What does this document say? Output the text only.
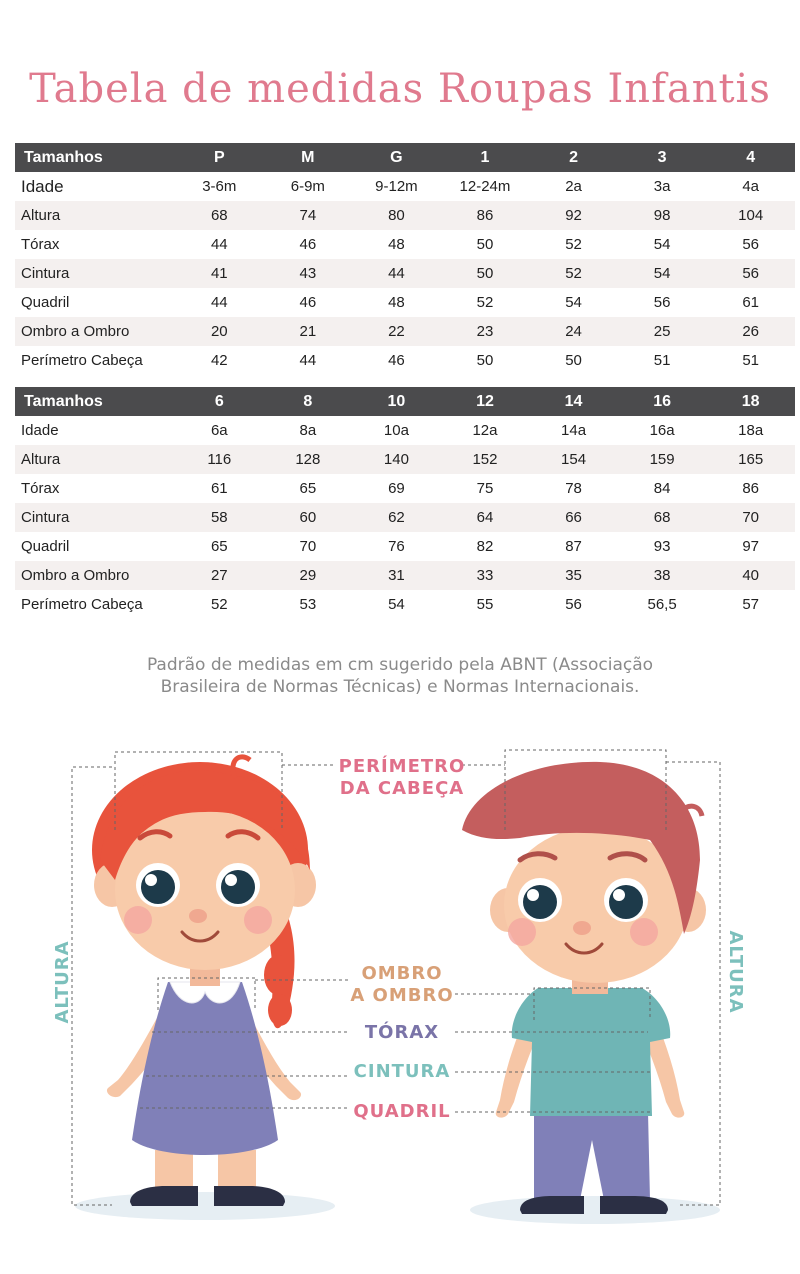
Tabela de medidas Roupas Infantis
Tamanhos	P	M	G	1	2	3	4
Idade	3-6m	6-9m	9-12m	12-24m	2a	3a	4a
Altura	68	74	80	86	92	98	104
Tórax	44	46	48	50	52	54	56
Cintura	41	43	44	50	52	54	56
Quadril	44	46	48	52	54	56	61
Ombro a Ombro	20	21	22	23	24	25	26
Perímetro Cabeça	42	44	46	50	50	51	51
Tamanhos	6	8	10	12	14	16	18
Idade	6a	8a	10a	12a	14a	16a	18a
Altura	116	128	140	152	154	159	165
Tórax	61	65	69	75	78	84	86
Cintura	58	60	62	64	66	68	70
Quadril	65	70	76	82	87	93	97
Ombro a Ombro	27	29	31	33	35	38	40
Perímetro Cabeça	52	53	54	55	56	56,5	57
Padrão de medidas em cm sugerido pela ABNT (Associação
Brasileira de Normas Técnicas) e Normas Internacionais.
PERÍMETRO
DA CABEÇA
OMBRO
A OMBRO
TÓRAX
CINTURA
QUADRIL
ALTURA	ALTURA
